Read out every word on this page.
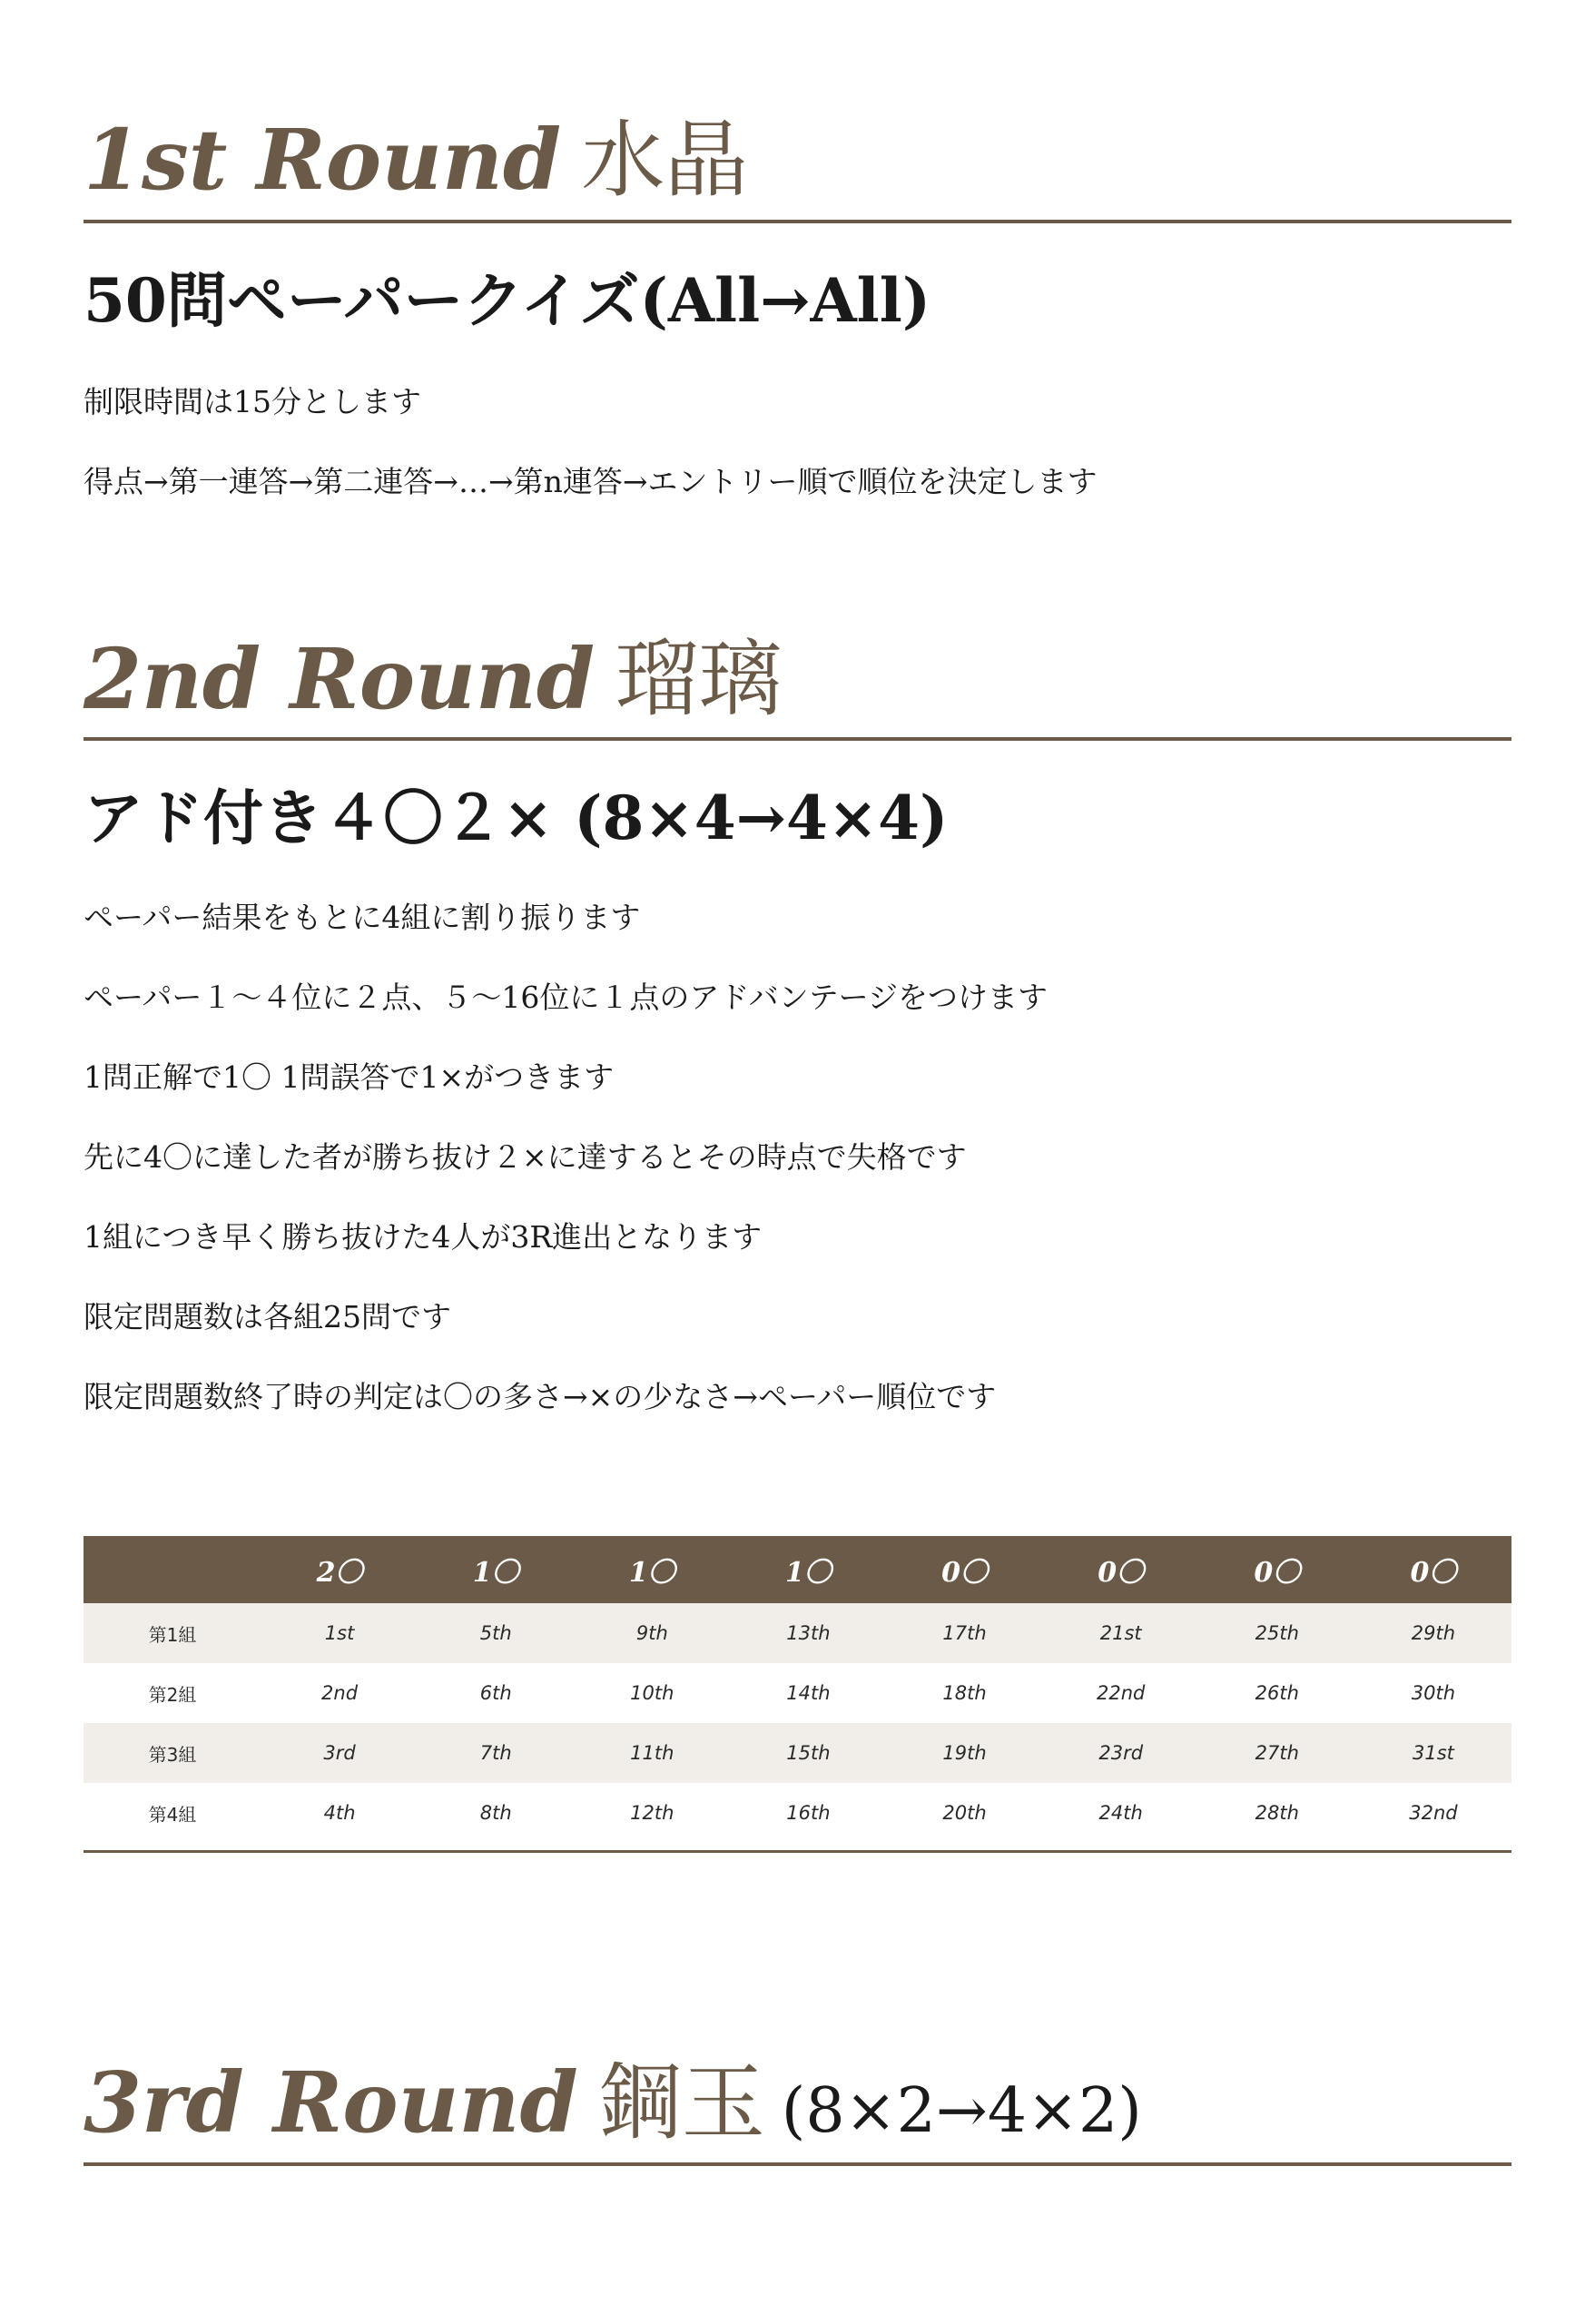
1st Round 水晶
50問ペーパークイズ(All→All)

制限時間は15分とします

得点→第一連答→第二連答→…→第n連答→エントリー順で順位を決定します

2nd Round 瑠璃
アド付き４〇２× (8×4→4×4)

ペーパー結果をもとに4組に割り振ります

ペーパー１～４位に２点、５～16位に１点のアドバンテージをつけます

1問正解で1〇 1問誤答で1×がつきます

先に4〇に達した者が勝ち抜け２×に達するとその時点で失格です

1組につき早く勝ち抜けた4人が3R進出となります

限定問題数は各組25問です

限定問題数終了時の判定は〇の多さ→×の少なさ→ペーパー順位です

	2〇	1〇	1〇	1〇	0〇	0〇	0〇	0〇
第1組	1st	5th	9th	13th	17th	21st	25th	29th
第2組	2nd	6th	10th	14th	18th	22nd	26th	30th
第3組	3rd	7th	11th	15th	19th	23rd	27th	31st
第4組	4th	8th	12th	16th	20th	24th	28th	32nd
3rd Round 鋼玉 (8×2→4×2)
